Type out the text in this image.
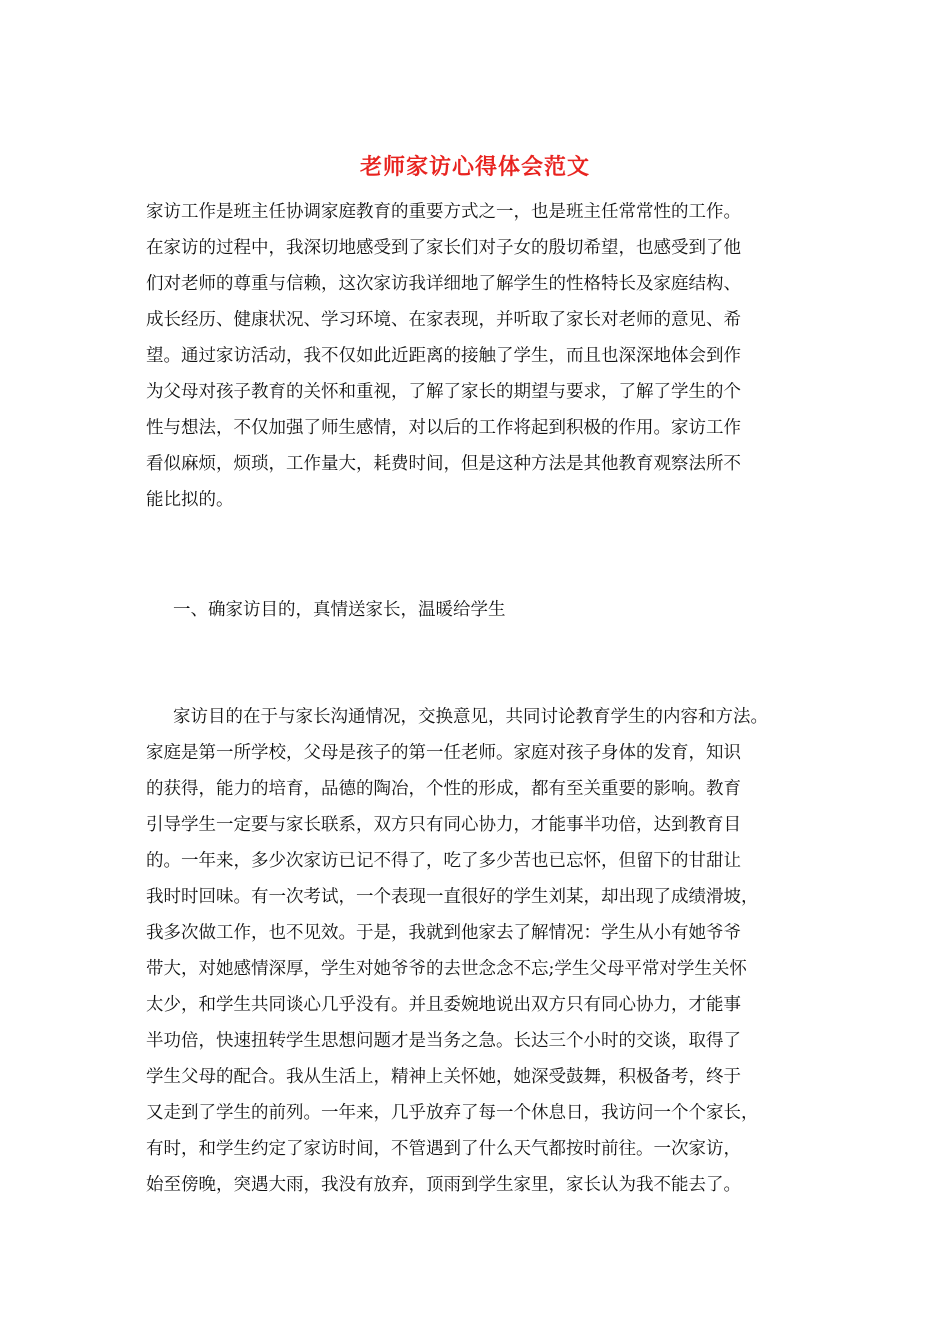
老师家访心得体会范文

家访工作是班主任协调家庭教育的重要方式之一，也是班主任常常性的工作。

在家访的过程中，我深切地感受到了家长们对子女的殷切希望，也感受到了他

们对老师的尊重与信赖，这次家访我详细地了解学生的性格特长及家庭结构、

成长经历、健康状况、学习环境、在家表现，并听取了家长对老师的意见、希

望。通过家访活动，我不仅如此近距离的接触了学生，而且也深深地体会到作

为父母对孩子教育的关怀和重视，了解了家长的期望与要求，了解了学生的个

性与想法，不仅加强了师生感情，对以后的工作将起到积极的作用。家访工作

看似麻烦，烦琐，工作量大，耗费时间，但是这种方法是其他教育观察法所不

能比拟的。

一、确家访目的，真情送家长，温暖给学生

家访目的在于与家长沟通情况，交换意见，共同讨论教育学生的内容和方法。

家庭是第一所学校，父母是孩子的第一任老师。家庭对孩子身体的发育，知识

的获得，能力的培育，品德的陶冶，个性的形成，都有至关重要的影响。教育

引导学生一定要与家长联系，双方只有同心协力，才能事半功倍，达到教育目

的。一年来，多少次家访已记不得了，吃了多少苦也已忘怀，但留下的甘甜让

我时时回味。有一次考试，一个表现一直很好的学生刘某，却出现了成绩滑坡，

我多次做工作，也不见效。于是，我就到他家去了解情况：学生从小有她爷爷

带大，对她感情深厚，学生对她爷爷的去世念念不忘;学生父母平常对学生关怀

太少，和学生共同谈心几乎没有。并且委婉地说出双方只有同心协力，才能事

半功倍，快速扭转学生思想问题才是当务之急。长达三个小时的交谈，取得了

学生父母的配合。我从生活上，精神上关怀她，她深受鼓舞，积极备考，终于

又走到了学生的前列。一年来，几乎放弃了每一个休息日，我访问一个个家长，

有时，和学生约定了家访时间，不管遇到了什么天气都按时前往。一次家访，

始至傍晚，突遇大雨，我没有放弃，顶雨到学生家里，家长认为我不能去了。
